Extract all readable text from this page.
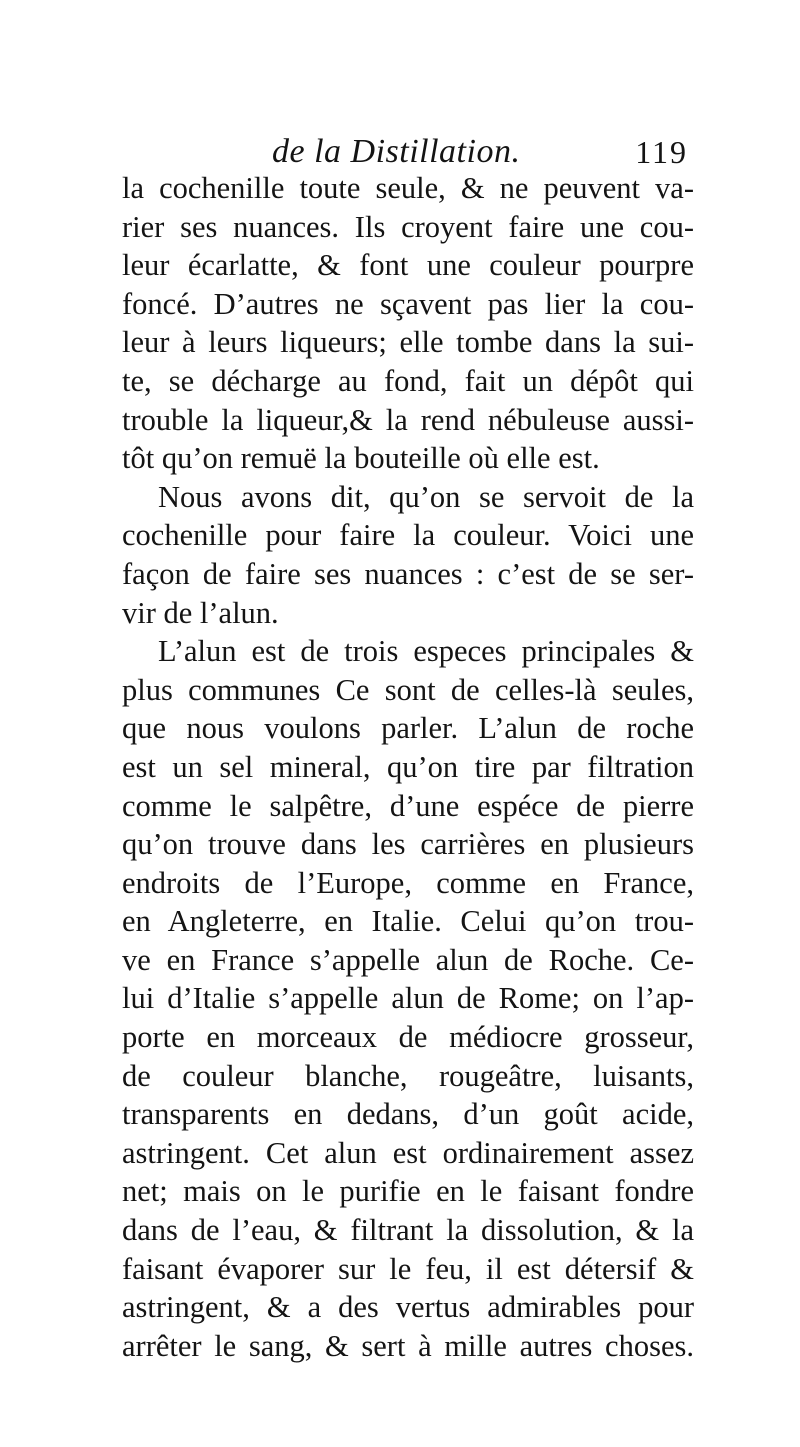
de la Distillation.	119
la cochenille toute seule, & ne peuvent va-
rier ses nuances. Ils croyent faire une cou-
leur écarlatte, & font une couleur pourpre
foncé. D’autres ne sçavent pas lier la cou-
leur à leurs liqueurs; elle tombe dans la sui-
te, se décharge au fond, fait un dépôt qui
trouble la liqueur,& la rend nébuleuse aussi-
tôt qu’on remuë la bouteille où elle est.
Nous avons dit, qu’on se servoit de la
cochenille pour faire la couleur. Voici une
façon de faire ses nuances : c’est de se ser-
vir de l’alun.
L’alun est de trois especes principales &
plus communes Ce sont de celles-là seules,
que nous voulons parler. L’alun de roche
est un sel mineral, qu’on tire par filtration
comme le salpêtre, d’une espéce de pierre
qu’on trouve dans les carrières en plusieurs
endroits de l’Europe, comme en France,
en Angleterre, en Italie. Celui qu’on trou-
ve en France s’appelle alun de Roche. Ce-
lui d’Italie s’appelle alun de Rome; on l’ap-
porte en morceaux de médiocre grosseur,
de couleur blanche, rougeâtre, luisants,
transparents en dedans, d’un goût acide,
astringent. Cet alun est ordinairement assez
net; mais on le purifie en le faisant fondre
dans de l’eau, & filtrant la dissolution, & la
faisant évaporer sur le feu, il est détersif &
astringent, & a des vertus admirables pour
arrêter le sang, & sert à mille autres choses.
